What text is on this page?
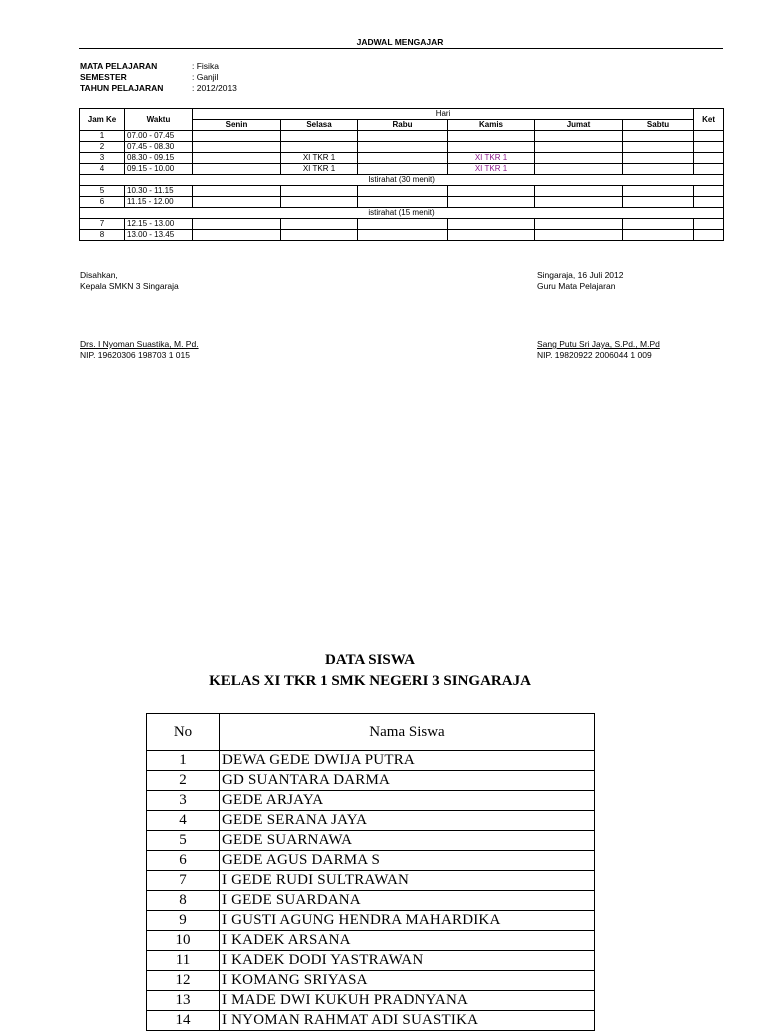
JADWAL MENGAJAR
MATA PELAJARAN	: Fisika
SEMESTER	: Ganjil
TAHUN PELAJARAN	: 2012/2013
Jam Ke	Waktu	Hari						Ket
		Senin	Selasa	Rabu	Kamis	Jumat	Sabtu	
1	07.00 - 07.45							
2	07.45 - 08.30							
3	08.30 - 09.15		XI TKR 1		XI TKR 1			
4	09.15 - 10.00		XI TKR 1		XI TKR 1			
Istirahat (30 menit)								
5	10.30 - 11.15							
6	11.15 - 12.00							
istirahat (15 menit)								
7	12.15 - 13.00							
8	13.00 - 13.45							
Disahkan,
Kepala SMKN 3 Singaraja
Drs. I Nyoman Suastika, M. Pd.
NIP. 19620306 198703 1 015
Singaraja, 16 Juli 2012
Guru Mata Pelajaran
Sang Putu Sri Jaya, S.Pd., M.Pd
NIP. 19820922 2006044 1 009
DATA SISWA
KELAS XI TKR 1 SMK NEGERI 3 SINGARAJA
No	Nama Siswa
1	DEWA GEDE DWIJA PUTRA
2	GD SUANTARA DARMA
3	GEDE ARJAYA
4	GEDE SERANA JAYA
5	GEDE SUARNAWA
6	GEDE AGUS DARMA S
7	I GEDE RUDI SULTRAWAN
8	I GEDE SUARDANA
9	I GUSTI AGUNG HENDRA MAHARDIKA
10	I KADEK ARSANA
11	I KADEK DODI YASTRAWAN
12	I KOMANG SRIYASA
13	I MADE DWI KUKUH PRADNYANA
14	I NYOMAN RAHMAT ADI SUASTIKA
